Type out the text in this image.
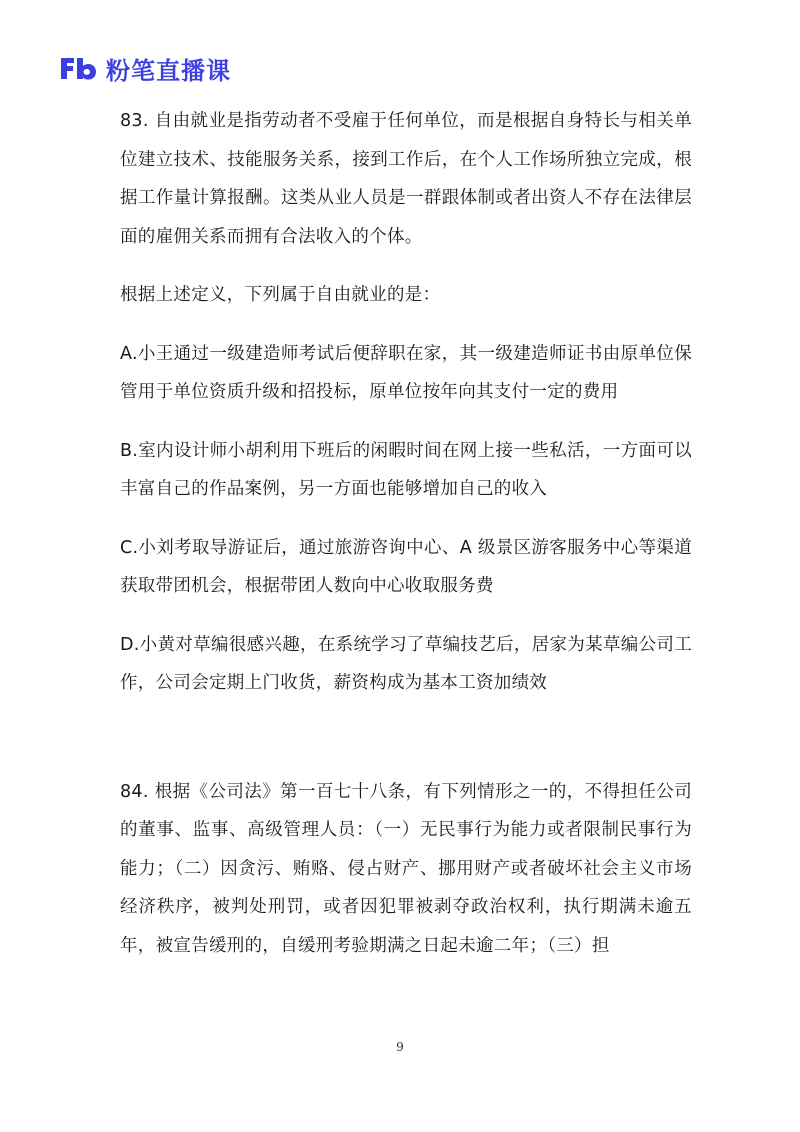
粉笔直播课

83. 自由就业是指劳动者不受雇于任何单位，而是根据自身特长与相关单位建立技术、技能服务关系，接到工作后，在个人工作场所独立完成，根据工作量计算报酬。这类从业人员是一群跟体制或者出资人不存在法律层面的雇佣关系而拥有合法收入的个体。

根据上述定义，下列属于自由就业的是：

A.小王通过一级建造师考试后便辞职在家，其一级建造师证书由原单位保管用于单位资质升级和招投标，原单位按年向其支付一定的费用

B.室内设计师小胡利用下班后的闲暇时间在网上接一些私活，一方面可以丰富自己的作品案例，另一方面也能够增加自己的收入

C.小刘考取导游证后，通过旅游咨询中心、A 级景区游客服务中心等渠道获取带团机会，根据带团人数向中心收取服务费

D.小黄对草编很感兴趣，在系统学习了草编技艺后，居家为某草编公司工作，公司会定期上门收货，薪资构成为基本工资加绩效

84. 根据《公司法》第一百七十八条，有下列情形之一的，不得担任公司的董事、监事、高级管理人员：（一）无民事行为能力或者限制民事行为能力；（二）因贪污、贿赂、侵占财产、挪用财产或者破坏社会主义市场经济秩序，被判处刑罚，或者因犯罪被剥夺政治权利，执行期满未逾五年，被宣告缓刑的，自缓刑考验期满之日起未逾二年；（三）担

9
